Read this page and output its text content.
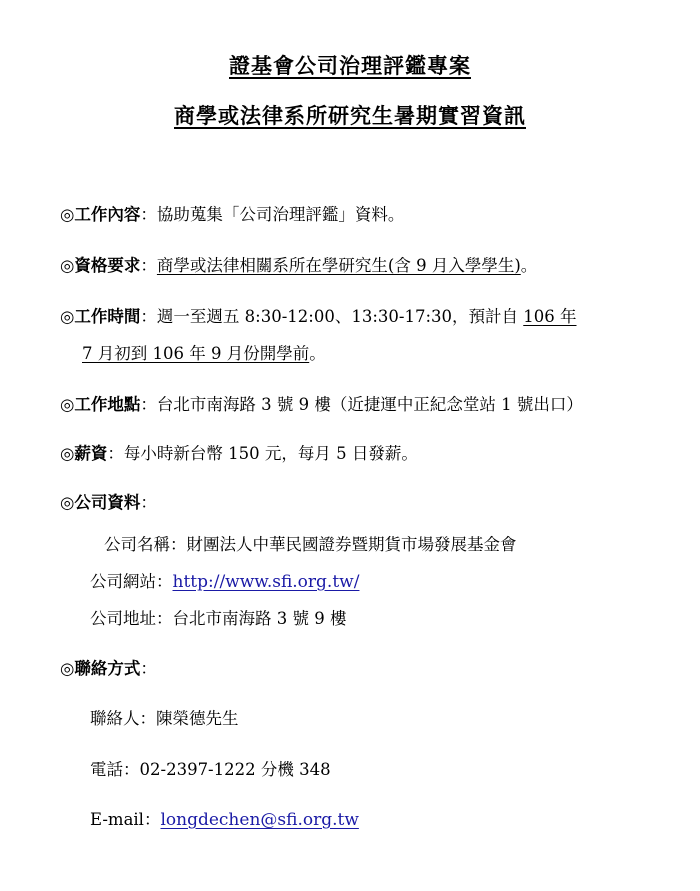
證基會公司治理評鑑專案
商學或法律系所研究生暑期實習資訊
◎工作內容：協助蒐集「公司治理評鑑」資料。
◎資格要求：商學或法律相關系所在學研究生(含 9 月入學學生)。
◎工作時間：週一至週五 8:30-12:00、13:30-17:30，預計自 106 年
7 月初到 106 年 9 月份開學前。
◎工作地點：台北市南海路 3 號 9 樓（近捷運中正紀念堂站 1 號出口）
◎薪資：每小時新台幣 150 元，每月 5 日發薪。
◎公司資料：
公司名稱：財團法人中華民國證券暨期貨市場發展基金會
公司網站：http://www.sfi.org.tw/
公司地址：台北市南海路 3 號 9 樓
◎聯絡方式：
聯絡人：陳榮德先生
電話：02-2397-1222 分機 348
E-mail：longdechen@sfi.org.tw
